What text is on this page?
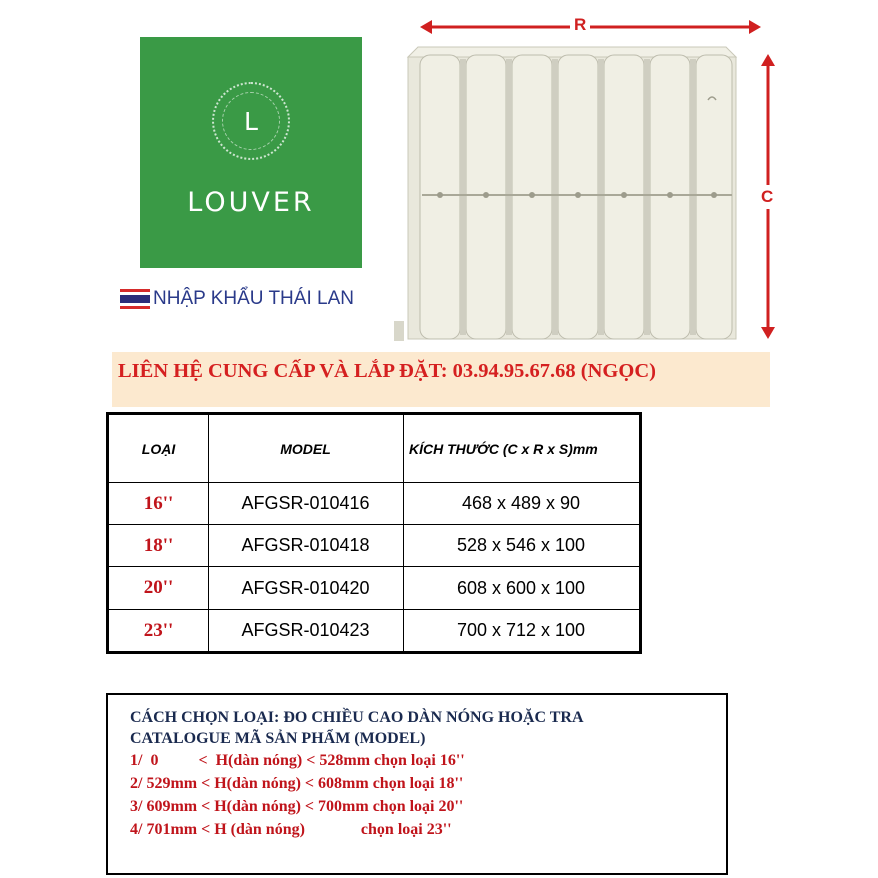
L
LOUVER
NHẬP KHẨU THÁI LAN
R
C
LIÊN HỆ CUNG CẤP VÀ LẮP ĐẶT: 03.94.95.67.68 (NGỌC)
LOẠI	MODEL	KÍCH THƯỚC (C x R x S)mm
16''	AFGSR-010416	468 x 489 x 90
18''	AFGSR-010418	528 x 546 x 100
20''	AFGSR-010420	608 x 600 x 100
23''	AFGSR-010423	700 x 712 x 100
CÁCH CHỌN LOẠI: ĐO CHIỀU CAO DÀN NÓNG HOẶC TRA
CATALOGUE MÃ SẢN PHẨM (MODEL)
1/  0          <  H(dàn nóng) < 528mm chọn loại 16''
2/ 529mm < H(dàn nóng) < 608mm chọn loại 18''
3/ 609mm < H(dàn nóng) < 700mm chọn loại 20''
4/ 701mm < H (dàn nóng)              chọn loại 23''
